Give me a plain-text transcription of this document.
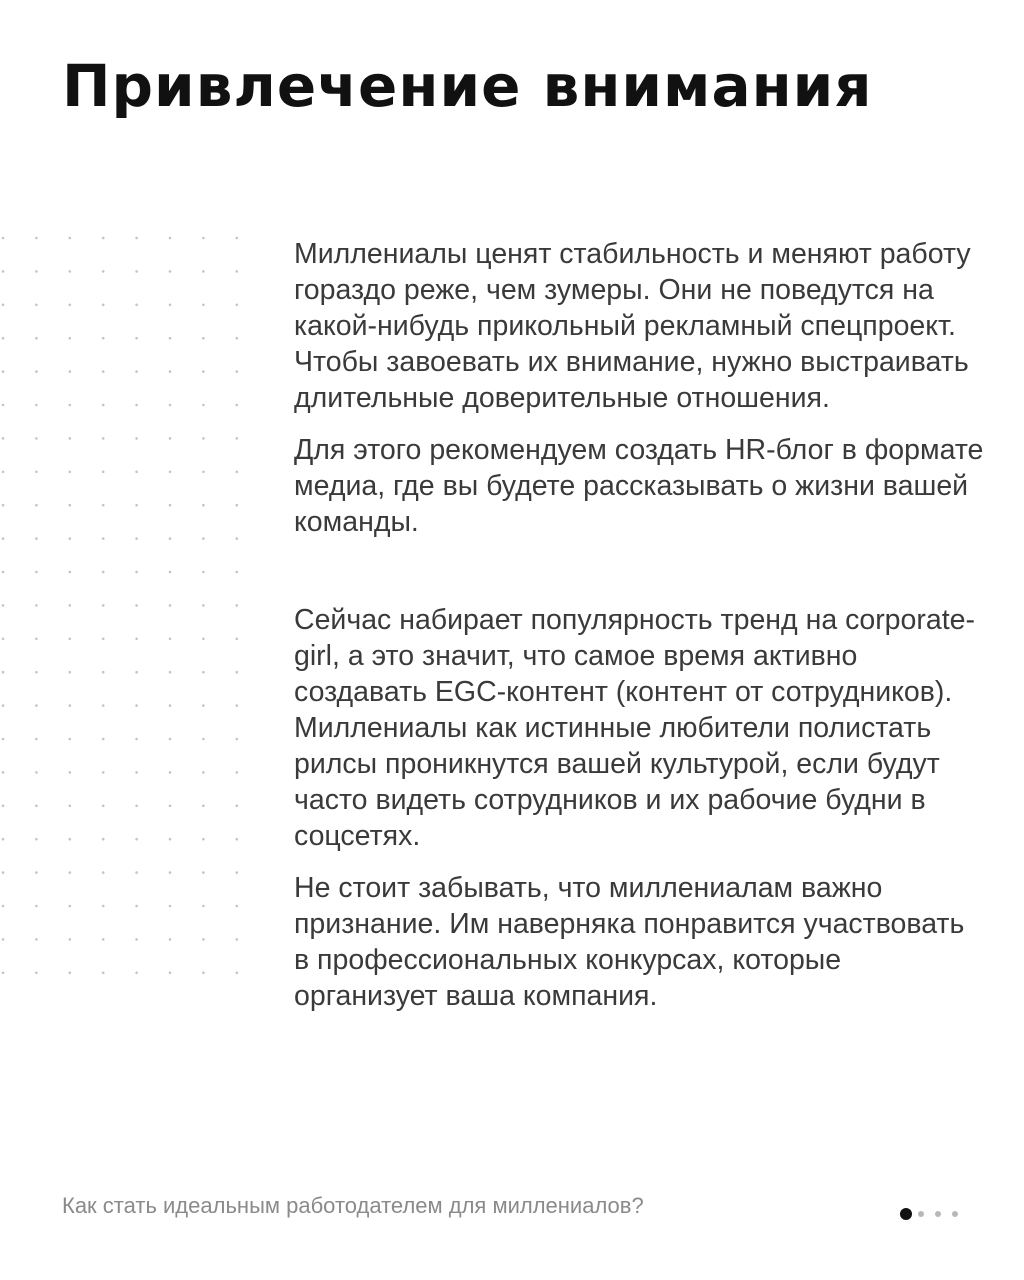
Привлечение внимания

Миллениалы ценят стабильность и меняют работу гораздо реже, чем зумеры. Они не поведутся на какой-нибудь прикольный рекламный спецпроект. Чтобы завоевать их внимание, нужно выстраивать длительные доверительные отношения.

Для этого рекомендуем создать HR-блог в формате медиа, где вы будете рассказывать о жизни вашей команды.

Сейчас набирает популярность тренд на corporate-girl, а это значит, что самое время активно создавать EGC-контент (контент от сотрудников). Миллениалы как истинные любители полистать рилсы проникнутся вашей культурой, если будут часто видеть сотрудников и их рабочие будни в соцсетях.

Не стоит забывать, что миллениалам важно признание. Им наверняка понравится участвовать в профессиональных конкурсах, которые организует ваша компания.

Как стать идеальным работодателем для миллениалов?
